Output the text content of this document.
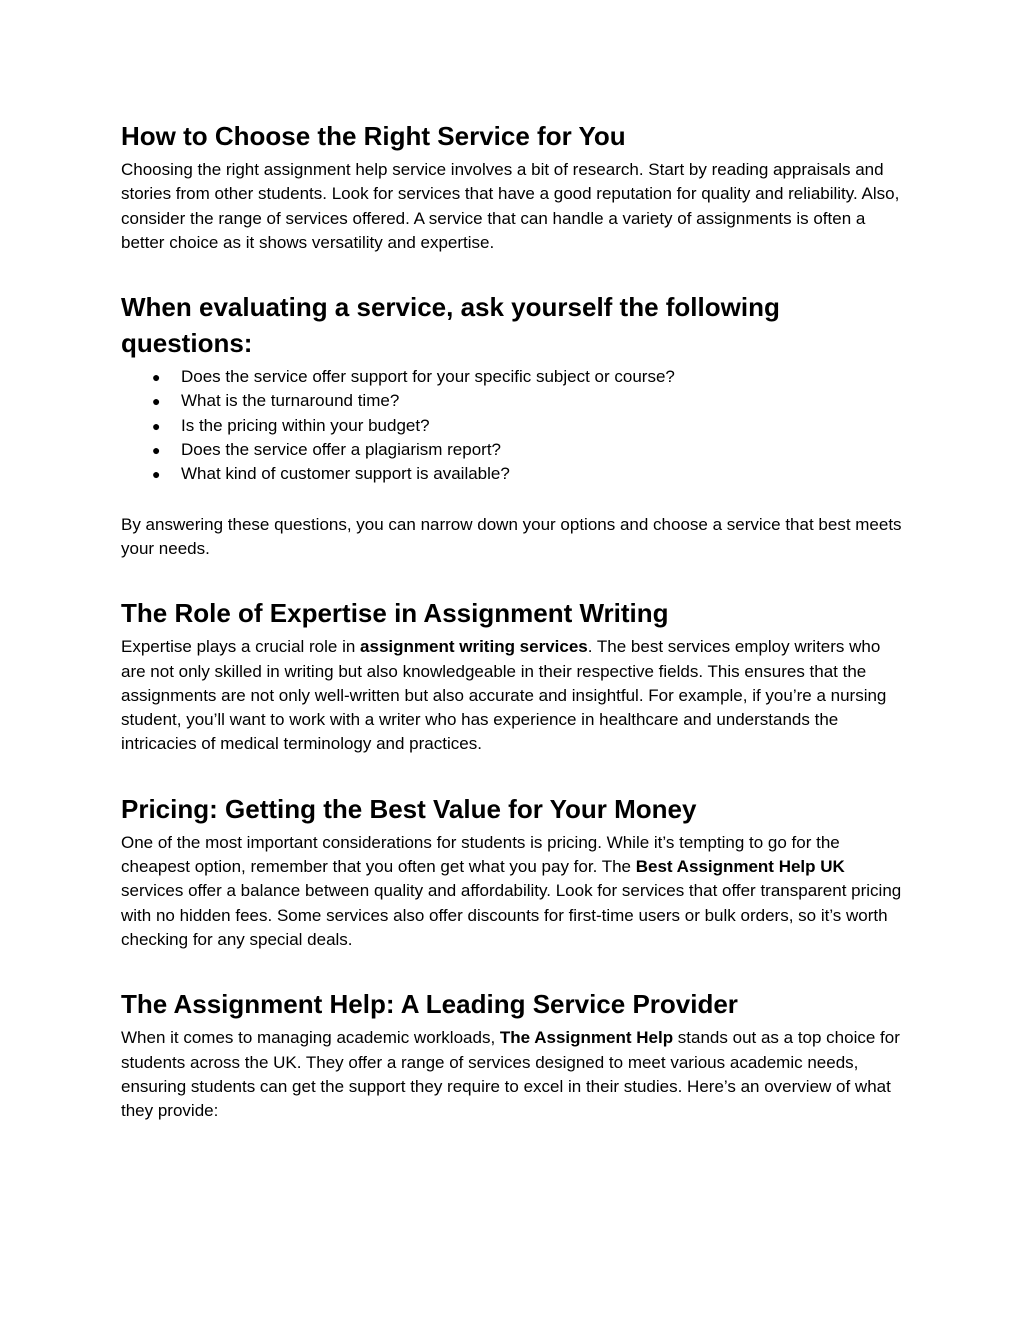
How to Choose the Right Service for You

Choosing the right assignment help service involves a bit of research. Start by reading appraisals and stories from other students. Look for services that have a good reputation for quality and reliability. Also, consider the range of services offered. A service that can handle a variety of assignments is often a better choice as it shows versatility and expertise.

When evaluating a service, ask yourself the following questions:
● Does the service offer support for your specific subject or course?
● What is the turnaround time?
● Is the pricing within your budget?
● Does the service offer a plagiarism report?
● What kind of customer support is available?

By answering these questions, you can narrow down your options and choose a service that best meets your needs.

The Role of Expertise in Assignment Writing

Expertise plays a crucial role in assignment writing services. The best services employ writers who are not only skilled in writing but also knowledgeable in their respective fields. This ensures that the assignments are not only well-written but also accurate and insightful. For example, if you’re a nursing student, you’ll want to work with a writer who has experience in healthcare and understands the intricacies of medical terminology and practices.

Pricing: Getting the Best Value for Your Money

One of the most important considerations for students is pricing. While it’s tempting to go for the cheapest option, remember that you often get what you pay for. The Best Assignment Help UK services offer a balance between quality and affordability. Look for services that offer transparent pricing with no hidden fees. Some services also offer discounts for first-time users or bulk orders, so it’s worth checking for any special deals.

The Assignment Help: A Leading Service Provider

When it comes to managing academic workloads, The Assignment Help stands out as a top choice for students across the UK. They offer a range of services designed to meet various academic needs, ensuring students can get the support they require to excel in their studies. Here’s an overview of what they provide:
